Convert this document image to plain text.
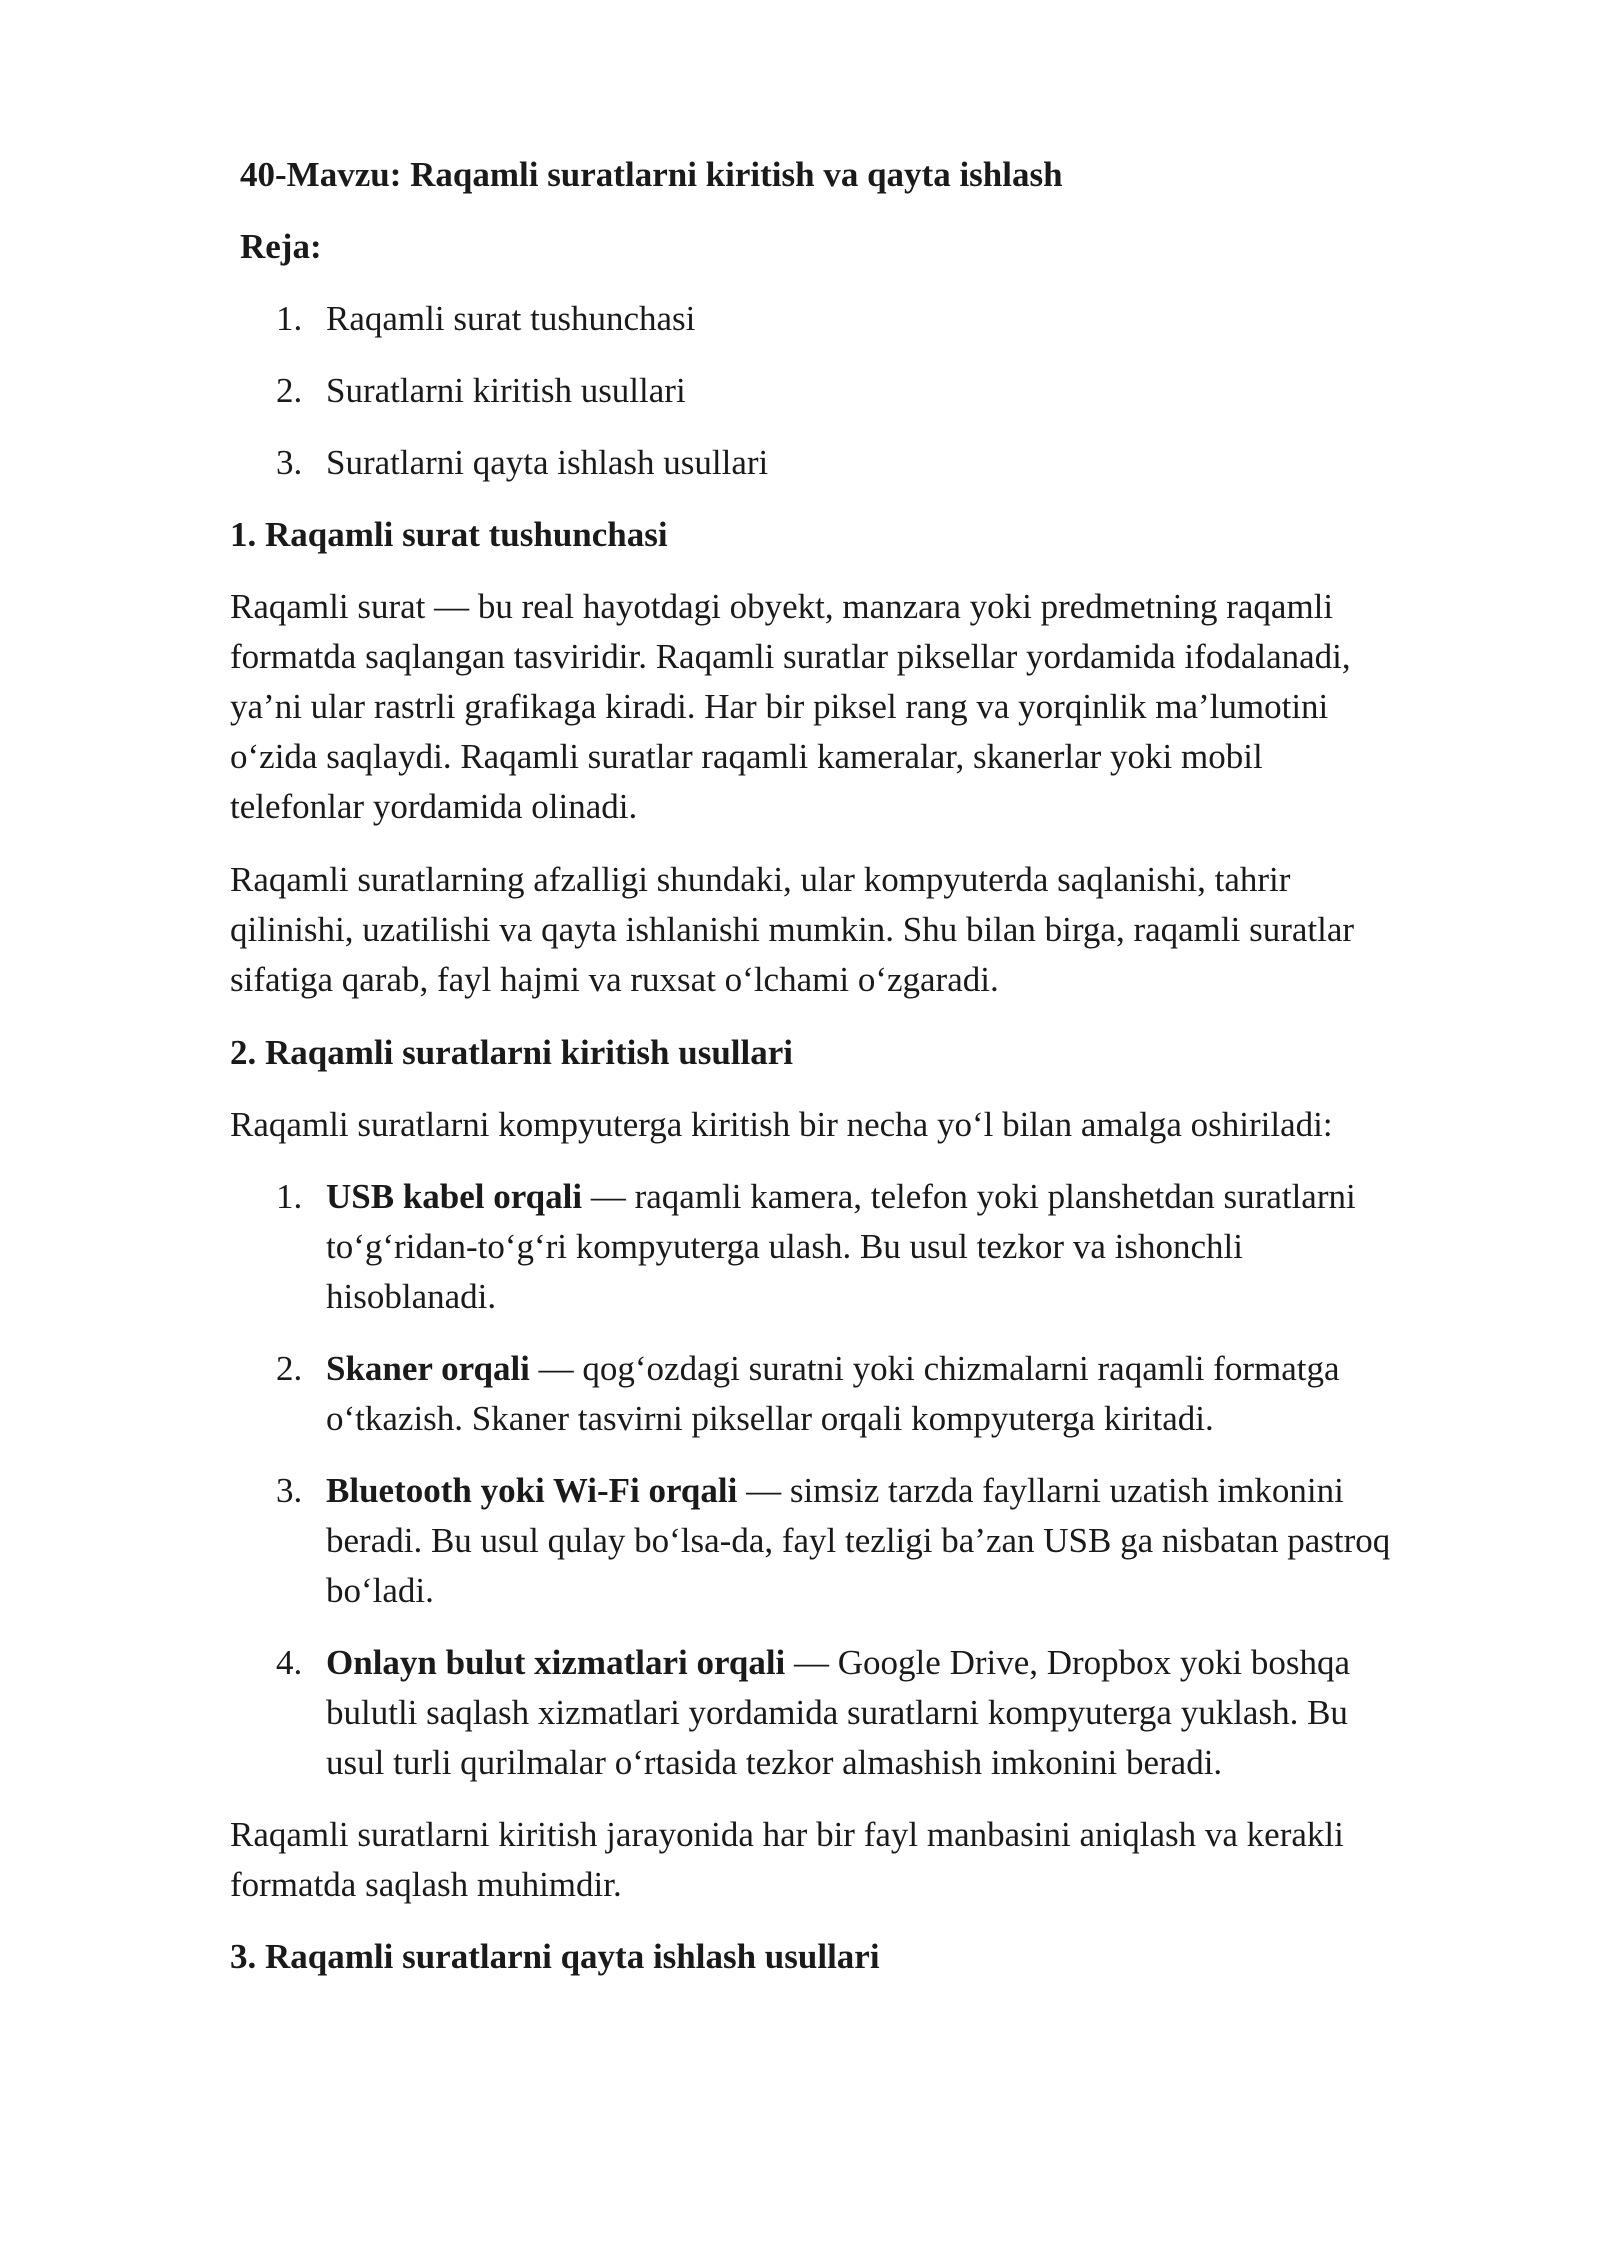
40-Mavzu: Raqamli suratlarni kiritish va qayta ishlash
Reja:
1. Raqamli surat tushunchasi
2. Suratlarni kiritish usullari
3. Suratlarni qayta ishlash usullari
1. Raqamli surat tushunchasi
Raqamli surat — bu real hayotdagi obyekt, manzara yoki predmetning raqamli
formatda saqlangan tasviridir. Raqamli suratlar piksellar yordamida ifodalanadi,
ya’ni ular rastrli grafikaga kiradi. Har bir piksel rang va yorqinlik ma’lumotini
o‘zida saqlaydi. Raqamli suratlar raqamli kameralar, skanerlar yoki mobil
telefonlar yordamida olinadi.
Raqamli suratlarning afzalligi shundaki, ular kompyuterda saqlanishi, tahrir
qilinishi, uzatilishi va qayta ishlanishi mumkin. Shu bilan birga, raqamli suratlar
sifatiga qarab, fayl hajmi va ruxsat o‘lchami o‘zgaradi.
2. Raqamli suratlarni kiritish usullari
Raqamli suratlarni kompyuterga kiritish bir necha yo‘l bilan amalga oshiriladi:
1. USB kabel orqali — raqamli kamera, telefon yoki planshetdan suratlarni
to‘g‘ridan-to‘g‘ri kompyuterga ulash. Bu usul tezkor va ishonchli
hisoblanadi.
2. Skaner orqali — qog‘ozdagi suratni yoki chizmalarni raqamli formatga
o‘tkazish. Skaner tasvirni piksellar orqali kompyuterga kiritadi.
3. Bluetooth yoki Wi-Fi orqali — simsiz tarzda fayllarni uzatish imkonini
beradi. Bu usul qulay bo‘lsa-da, fayl tezligi ba’zan USB ga nisbatan pastroq
bo‘ladi.
4. Onlayn bulut xizmatlari orqali — Google Drive, Dropbox yoki boshqa
bulutli saqlash xizmatlari yordamida suratlarni kompyuterga yuklash. Bu
usul turli qurilmalar o‘rtasida tezkor almashish imkonini beradi.
Raqamli suratlarni kiritish jarayonida har bir fayl manbasini aniqlash va kerakli
formatda saqlash muhimdir.
3. Raqamli suratlarni qayta ishlash usullari
